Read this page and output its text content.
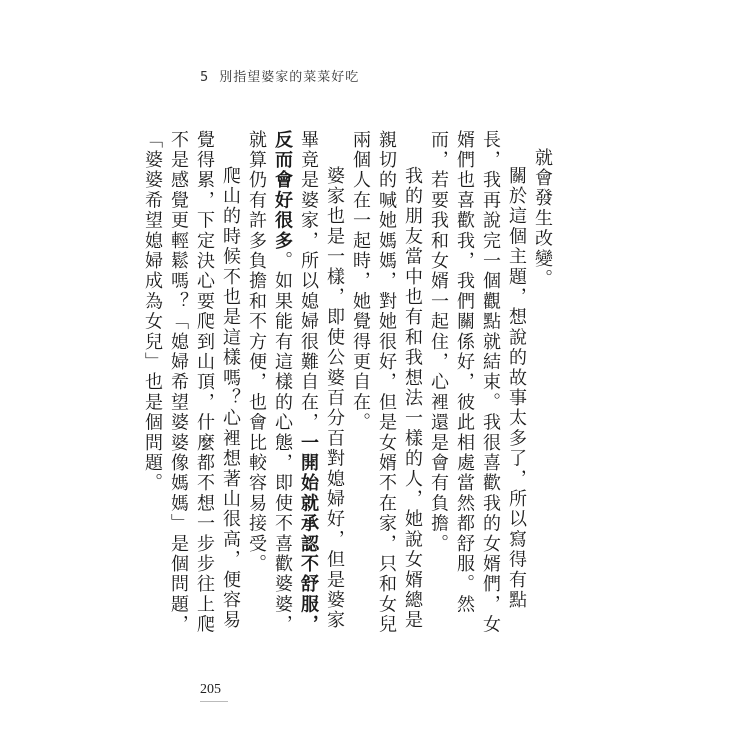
5 別指望婆家的菜菜好吃

就會發生改變。

關於這個主題，想說的故事太多了，所以寫得有點長，我再說完一個觀點就結束。我很喜歡我的女婿們，女婿們也喜歡我，我們關係好，彼此相處當然都舒服。然而，若要我和女婿一起住，心裡還是會有負擔。

我的朋友當中也有和我想法一樣的人，她說女婿總是親切的喊她媽媽，對她很好，但是女婿不在家，只和女兒兩個人在一起時，她覺得更自在。

婆家也是一樣，即使公婆百分百對媳婦好，但是婆家畢竟是婆家，所以媳婦很難自在，一開始就承認不舒服，反而會好很多。如果能有這樣的心態，即使不喜歡婆婆，就算仍有許多負擔和不方便，也會比較容易接受。

爬山的時候不也是這樣嗎？心裡想著山很高，便容易覺得累，下定決心要爬到山頂，什麼都不想一步步往上爬不是感覺更輕鬆嗎？「媳婦希望婆婆像媽媽」是個問題，「婆婆希望媳婦成為女兒」也是個問題。

205
